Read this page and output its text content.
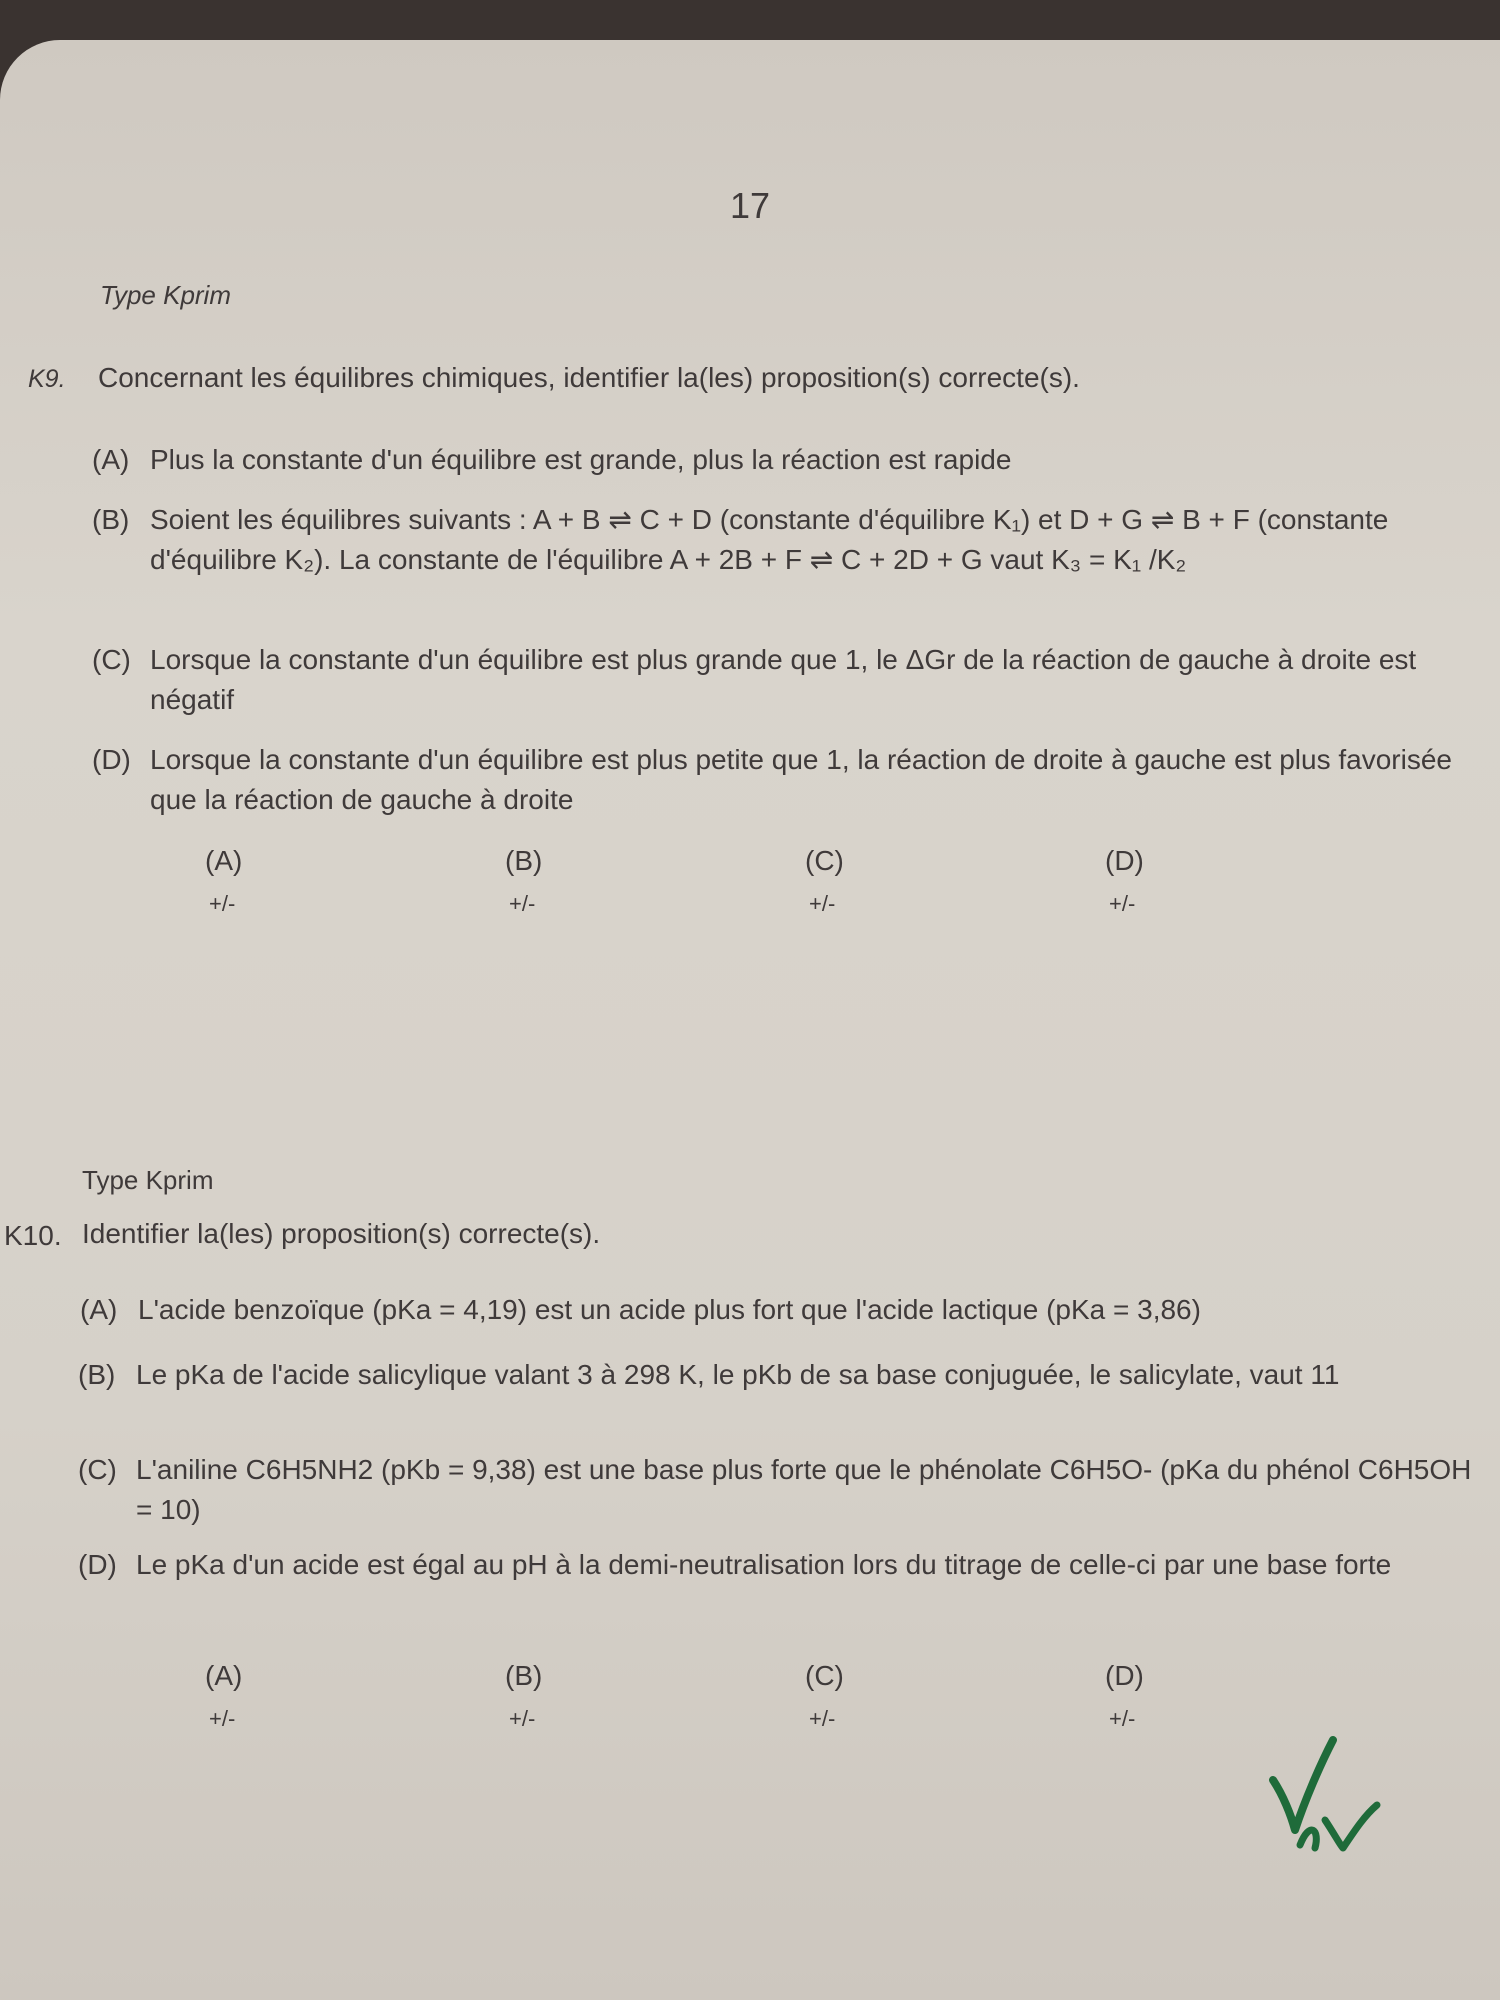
17
Type Kprim
K9. Concernant les équilibres chimiques, identifier la(les) proposition(s) correcte(s).
(A) Plus la constante d'un équilibre est grande, plus la réaction est rapide
(B) Soient les équilibres suivants : A + B ⇌ C + D (constante d'équilibre K₁) et D + G ⇌ B + F (constante d'équilibre K₂). La constante de l'équilibre A + 2B + F ⇌ C + 2D + G vaut K₃ = K₁ /K₂
(C) Lorsque la constante d'un équilibre est plus grande que 1, le ΔGr de la réaction de gauche à droite est négatif
(D) Lorsque la constante d'un équilibre est plus petite que 1, la réaction de droite à gauche est plus favorisée que la réaction de gauche à droite
(A)
+/-
(B)
+/-
(C)
+/-
(D)
+/-
Type Kprim
K10. Identifier la(les) proposition(s) correcte(s).
(A) L'acide benzoïque (pKa = 4,19) est un acide plus fort que l'acide lactique (pKa = 3,86)
(B) Le pKa de l'acide salicylique valant 3 à 298 K, le pKb de sa base conjuguée, le salicylate, vaut 11
(C) L'aniline C6H5NH2 (pKb = 9,38) est une base plus forte que le phénolate C6H5O- (pKa du phénol C6H5OH = 10)
(D) Le pKa d'un acide est égal au pH à la demi-neutralisation lors du titrage de celle-ci par une base forte
(A)
+/-
(B)
+/-
(C)
+/-
(D)
+/-
